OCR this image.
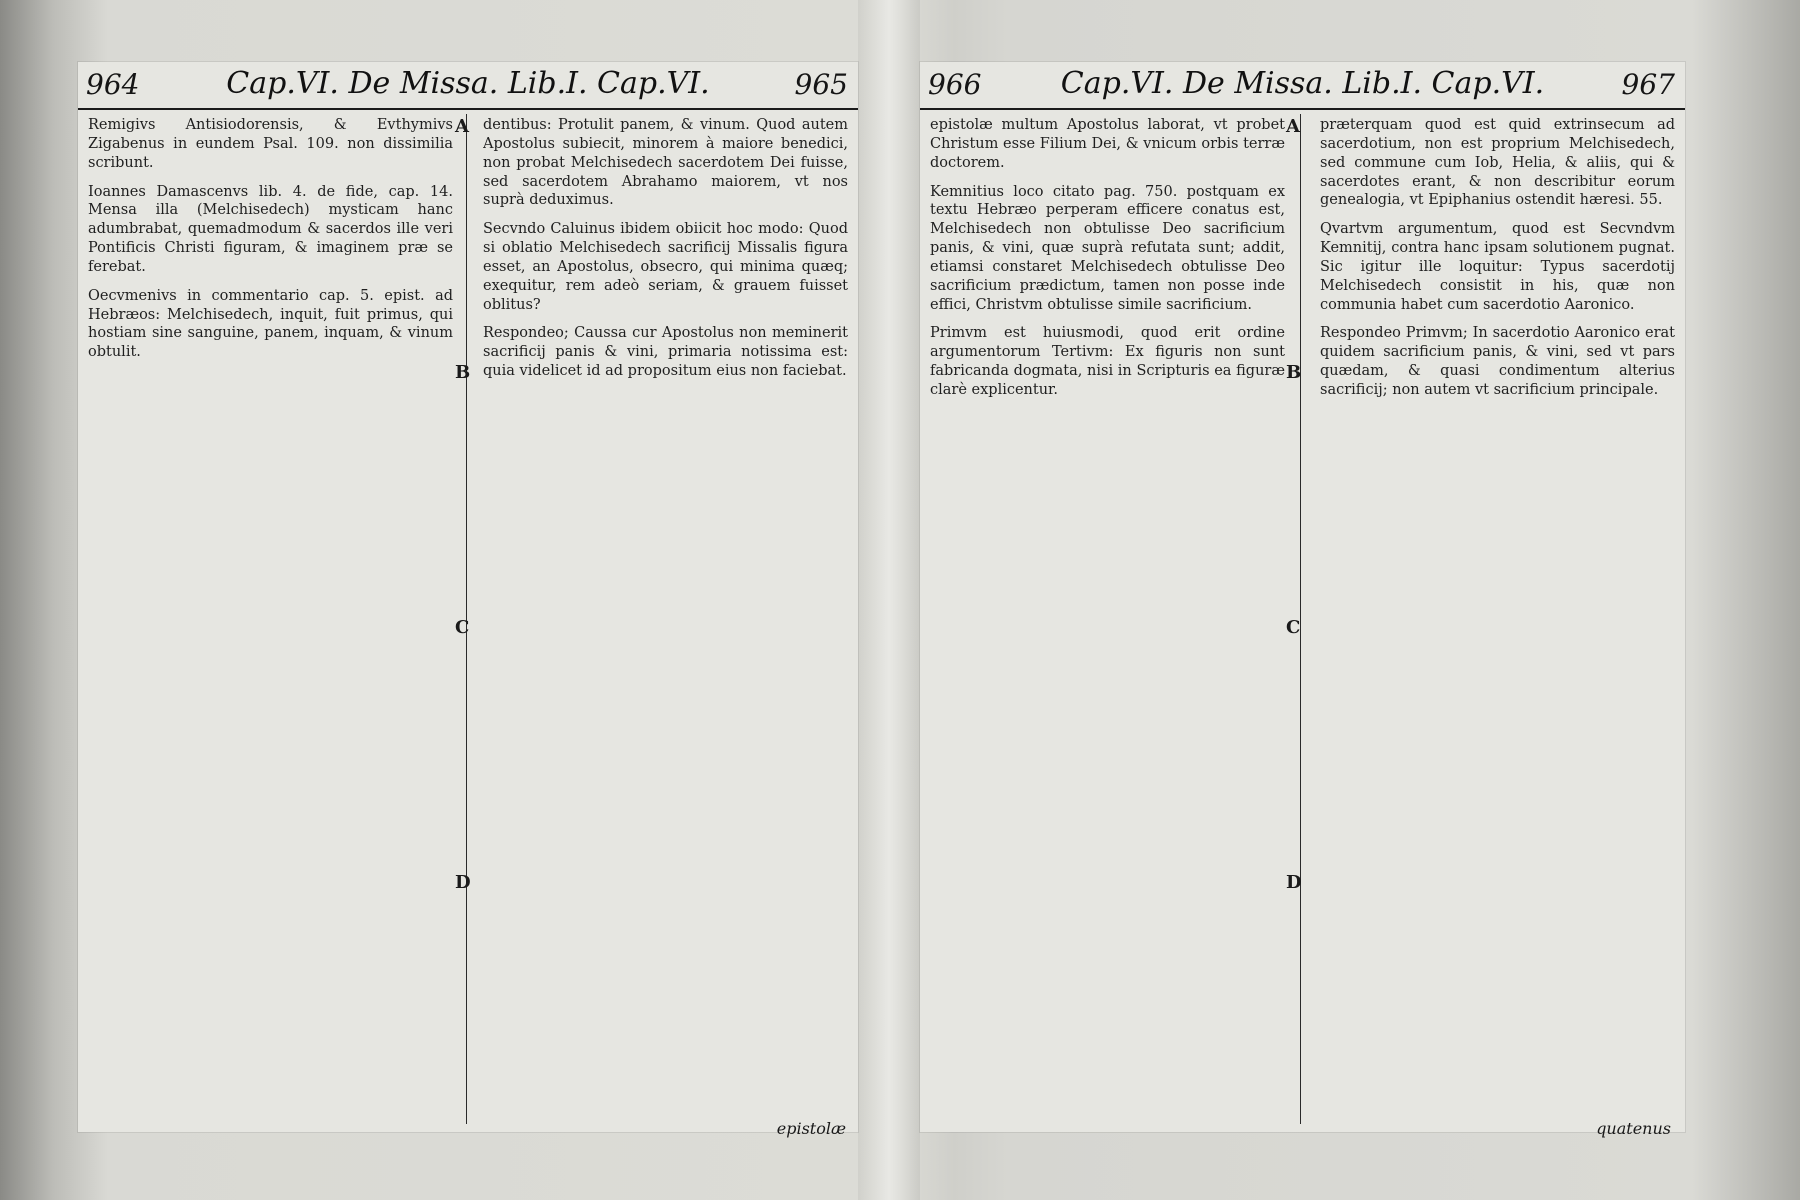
964	Cap.VI. De Missa. Lib.I. Cap.VI.	965
A
B
C
D

Remigivs Antisiodorensis, & Evthymivs Zigabenus in eundem Psal. 109. non dissimilia scribunt.

Ioannes Damascenvs lib. 4. de fide, cap. 14. Mensa illa (Melchisedech) mysticam hanc adumbrabat, quemadmodum & sacerdos ille veri Pontificis Christi figuram, & imaginem præ se ferebat.

Oecvmenivs in commentario cap. 5. epist. ad Hebræos: Melchisedech, inquit, fuit primus, qui hostiam sine sanguine, panem, inquam, & vinum obtulit.

dentibus: Protulit panem, & vinum. Quod autem Apostolus subiecit, minorem à maiore benedici, non probat Melchisedech sacerdotem Dei fuisse, sed sacerdotem Abrahamo maiorem, vt nos suprà deduximus.

Secvndo Caluinus ibidem obiicit hoc modo: Quod si oblatio Melchisedech sacrificij Missalis figura esset, an Apostolus, obsecro, qui minima quæq; exequitur, rem adeò seriam, & grauem fuisset oblitus?

Respondeo; Caussa cur Apostolus non meminerit sacrificij panis & vini, primaria notissima est: quia videlicet id ad propositum eius non faciebat.

epistolæ
966	Cap.VI. De Missa. Lib.I. Cap.VI.	967
A
B
C
D

epistolæ multum Apostolus laborat, vt probet Christum esse Filium Dei, & vnicum orbis terræ doctorem.

Kemnitius loco citato pag. 750. postquam ex textu Hebræo perperam efficere conatus est, Melchisedech non obtulisse Deo sacrificium panis, & vini, quæ suprà refutata sunt; addit, etiamsi constaret Melchisedech obtulisse Deo sacrificium prædictum, tamen non posse inde effici, Christvm obtulisse simile sacrificium.

Primvm est huiusmodi, quod erit ordine argumentorum Tertivm: Ex figuris non sunt fabricanda dogmata, nisi in Scripturis ea figuræ clarè explicentur.

præterquam quod est quid extrinsecum ad sacerdotium, non est proprium Melchisedech, sed commune cum Iob, Helia, & aliis, qui & sacerdotes erant, & non describitur eorum genealogia, vt Epiphanius ostendit hæresi. 55.

Qvartvm argumentum, quod est Secvndvm Kemnitij, contra hanc ipsam solutionem pugnat. Sic igitur ille loquitur: Typus sacerdotij Melchisedech consistit in his, quæ non communia habet cum sacerdotio Aaronico.

Respondeo Primvm; In sacerdotio Aaronico erat quidem sacrificium panis, & vini, sed vt pars quædam, & quasi condimentum alterius sacrificij; non autem vt sacrificium principale.

quatenus
